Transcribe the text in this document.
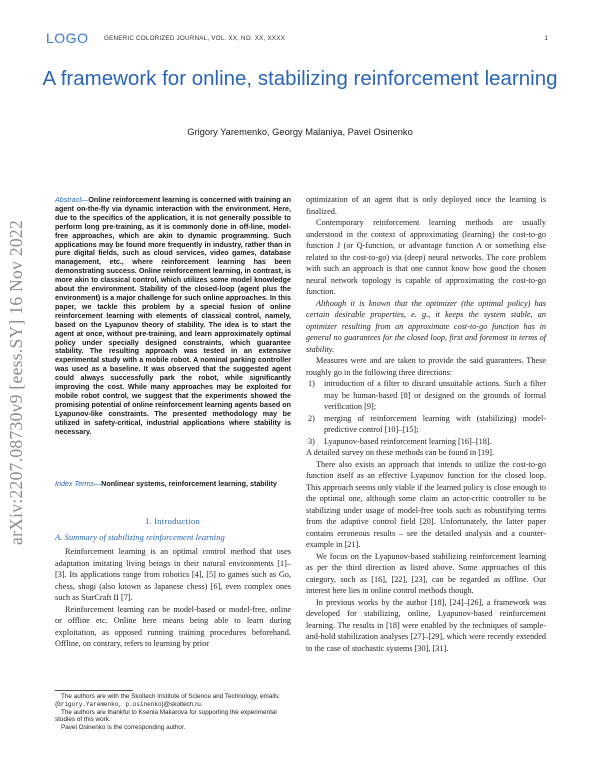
LOGO GENERIC COLORIZED JOURNAL, VOL. XX, NO. XX, XXXX	1
A framework for online, stabilizing reinforcement learning
Grigory Yaremenko, Georgy Malaniya, Pavel Osinenko
arXiv:2207.08730v9 [eess.SY] 16 Nov 2022
Abstract—Online reinforcement learning is concerned with training an agent on-the-fly via dynamic interaction with the environment. Here, due to the specifics of the application, it is not generally possible to perform long pre-training, as it is commonly done in off-line, model-free approaches, which are akin to dynamic programming. Such applications may be found more frequently in industry, rather than in pure digital fields, such as cloud services, video games, database management, etc., where reinforcement learning has been demonstrating success. Online reinforcement learning, in contrast, is more akin to classical control, which utilizes some model knowledge about the environment. Stability of the closed-loop (agent plus the environment) is a major challenge for such online approaches. In this paper, we tackle this problem by a special fusion of online reinforcement learning with elements of classical control, namely, based on the Lyapunov theory of stability. The idea is to start the agent at once, without pre-training, and learn approximately optimal policy under specially designed constraints, which guarantee stability. The resulting approach was tested in an extensive experimental study with a mobile robot. A nominal parking controller was used as a baseline. It was observed that the suggested agent could always successfully park the robot, while significantly improving the cost. While many approaches may be exploited for mobile robot control, we suggest that the experiments showed the promising potential of online reinforcement learning agents based on Lyapunov-like constraints. The presented methodology may be utilized in safety-critical, industrial applications where stability is necessary.
Index Terms—Nonlinear systems, reinforcement learning, stability
I. Introduction
A. Summary of stabilizing reinforcement learning

Reinforcement learning is an optimal control method that uses adaptation imitating living beings in their natural environments [1]–[3]. Its applications range from robotics [4], [5] to games such as Go, chess, shogi (also known as Japanese chess) [6], even complex ones such as StarCraft II [7].

Reinforcement learning can be model-based or model-free, online or offline etc. Online here means being able to learn during exploitation, as opposed running training procedures beforehand. Offline, on contrary, refers to learning by prior

optimization of an agent that is only deployed once the learning is finalized.

Contemporary reinforcement learning methods are usually understood in the context of approximating (learning) the cost-to-go function J (or Q-function, or advantage function A or something else related to the cost-to-go) via (deep) neural networks. The core problem with such an approach is that one cannot know how good the chosen neural network topology is capable of approximating the cost-to-go function.

Although it is known that the optimizer (the optimal policy) has certain desirable properties, e. g., it keeps the system stable, an optimizer resulting from an approximate cost-to-go function has in general no guarantees for the closed loop, first and foremost in terms of stability.

Measures were and are taken to provide the said guarantees. These roughly go in the following three directions:

1) introduction of a filter to discard unsuitable actions. Such a filter may be human-based [8] or designed on the grounds of formal verification [9];
2) merging of reinforcement learning with (stabilizing) model-predictive control [10]–[15];
3) Lyapunov-based reinforcement learning [16]–[18].

A detailed survey on these methods can be found in [19].

There also exists an approach that intends to utilize the cost-to-go function itself as an effective Lyapunov function for the closed loop. This approach seems only viable if the learned policy is close enough to the optimal one, although some claim an actor-critic controller to be stabilizing under usage of model-free tools such as robustifying terms from the adaptive control field [20]. Unfortunately, the latter paper contains erroneous results – see the detailed analysis and a counter-example in [21].

We focus on the Lyapunov-based stabilizing reinforcement learning as per the third direction as listed above. Some approaches of this category, such as [16], [22], [23], can be regarded as offline. Our interest here lies in online control methods though.

In previous works by the author [18], [24]–[26], a framework was developed for stabilizing, online, Lyapunov-based reinforcement learning. The results in [18] were enabled by the techniques of sample-and-hold stabilization analyses [27]–[29], which were recently extended to the case of stochastic systems [30], [31].

The authors are with the Skoltech Institute of Science and Technology, emails: {Grigory.Yaremenko, p.osinenko}@skoltech.ru.

The authors are thankful to Ksenia Makarova for supporting the experimental studies of this work.

Pavel Osinenko is the corresponding author.
